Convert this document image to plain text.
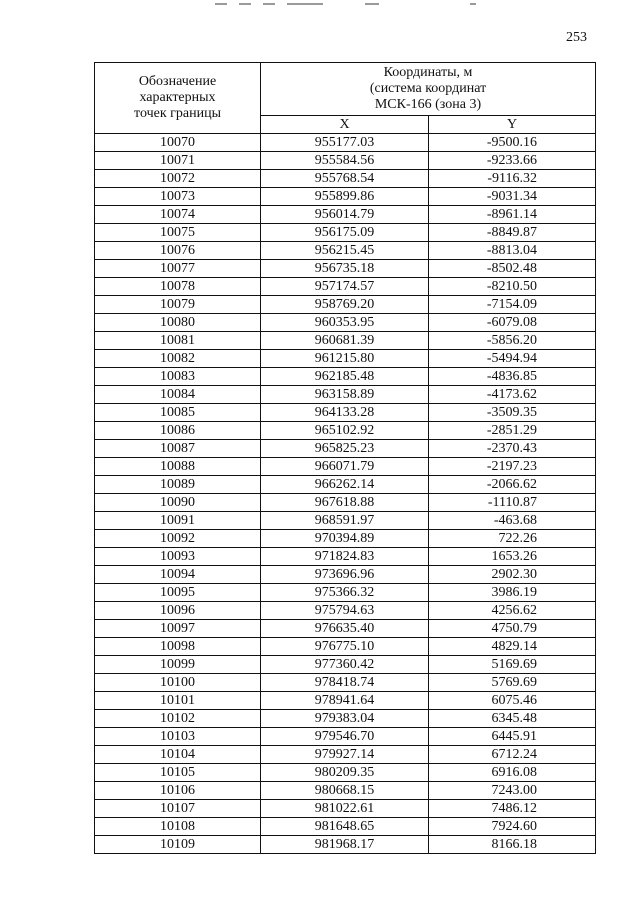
253
Обозначение
характерных
точек границы	Координаты, м
(система координат
МСК-166 (зона 3)	

	X	Y
10070	955177.03	-9500.16
10071	955584.56	-9233.66
10072	955768.54	-9116.32
10073	955899.86	-9031.34
10074	956014.79	-8961.14
10075	956175.09	-8849.87
10076	956215.45	-8813.04
10077	956735.18	-8502.48
10078	957174.57	-8210.50
10079	958769.20	-7154.09
10080	960353.95	-6079.08
10081	960681.39	-5856.20
10082	961215.80	-5494.94
10083	962185.48	-4836.85
10084	963158.89	-4173.62
10085	964133.28	-3509.35
10086	965102.92	-2851.29
10087	965825.23	-2370.43
10088	966071.79	-2197.23
10089	966262.14	-2066.62
10090	967618.88	-1110.87
10091	968591.97	-463.68
10092	970394.89	722.26
10093	971824.83	1653.26
10094	973696.96	2902.30
10095	975366.32	3986.19
10096	975794.63	4256.62
10097	976635.40	4750.79
10098	976775.10	4829.14
10099	977360.42	5169.69
10100	978418.74	5769.69
10101	978941.64	6075.46
10102	979383.04	6345.48
10103	979546.70	6445.91
10104	979927.14	6712.24
10105	980209.35	6916.08
10106	980668.15	7243.00
10107	981022.61	7486.12
10108	981648.65	7924.60
10109	981968.17	8166.18
